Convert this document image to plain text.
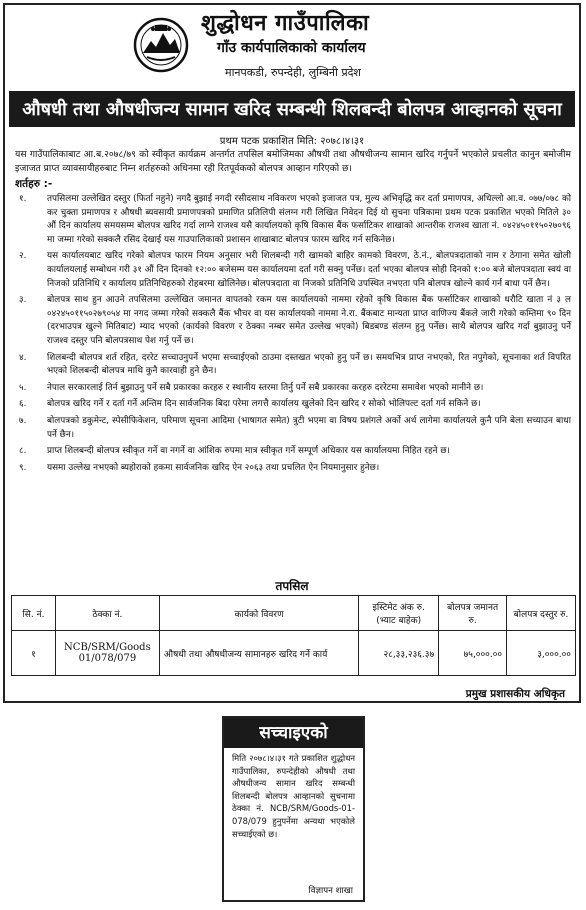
शुद्धोधन गाउँपालिका
गाँउ कार्यपालिकाको कार्यालय
मानपकडी, रुपन्देही, लुम्बिनी प्रदेश
औषधी तथा औषधीजन्य सामान खरिद सम्बन्धी शिलबन्दी बोलपत्र आव्हानको सूचना
प्रथम पटक प्रकाशित मिति: २०७८।४।३१
यस गाउँपालिकाबाट आ.ब.२०७८/७९ को स्वीकृत कार्यक्रम अन्तर्गत तपसिल बमोजिमका औषधी तथा औषधीजन्य सामान खरिद गर्नुपर्ने भएकोले प्रचलीत कानुन बमोजीम इजाजत प्राप्त व्यावसायीहरुबाट निम्न शर्तहरुको अधिनमा रही रितपूर्वकको बोलपत्र आव्हान गरिएको छ।
शर्तहरु :-
१.	तपसिलमा उल्लेखित दस्तुर (फिर्ता नहुने) नगदै बुझाई नगदी रसीदसाथ नविकरण भएको इजाजत पत्र, मुल्य अभिवृद्धि कर दर्ता प्रमाणपत्र, अधिल्लो आ.व. ०७७/०७८ को कर चुक्ता प्रमाणपत्र र औषधी ब्यवसायी प्रमाणपत्रको प्रमाणित प्रतिलिपी संलग्न गरी लिखित निवेदन दिई यो सुचना पत्रिकामा प्रथम पटक प्रकाशित भएको मितिले ३० औं दिन कार्यालय समयसम्म बोलपत्र खरिद गर्दा लाग्ने राजश्व यसै कार्यालयको कृषि विकास बैंक फर्साटिकर शाखाको आन्तरीक राजश्व खाता नं. ०४२४५०११५०२७०९६ मा जम्मा गरेको सक्कलै रसिद देखाई यस गाउपालिकाको प्रशासन शाखाबाट बोलपत्र फारम खरिद गर्न सकिनेछ।
२.	यस कार्यालयबाट खरिद गरेको बोलपत्र फारम नियम अनुसार भरी शिलबन्दी गरी खामको बाहिर कामको विवरण, ठे.नं., बोलपत्रदाताको नाम र ठेगाना समेत खोली कार्यालयलाई सम्बोधन गरी ३१ औं दिन दिनको १२:०० बजेसम्म यस कार्यालयमा दर्ता गरी सक्नु पर्नेछ। दर्ता भएका बोलपत्र सोही दिनको १:०० बजे बोलपत्रदाता स्वयं वा निजको प्रतिनिधि र कार्यालय प्रतिनिधिहरुको रोहबरमा खोलिनेछ। बोलपत्रदाता वा निजको प्रतिनिधि उपस्थित नभएता पनि बोलपत्र खोल्ने कार्य गर्न बाधा पर्ने छैन।
३.	बोलपत्र साथ हुन आउने तपसिलमा उल्लेखित जमानत वापतको रकम यस कार्यालयको नाममा रहेको कृषि विकास बैंक फर्साटिकर शाखाको धरौटि खाता नं ३ ल ०४२४५०११५०२७९०५४ मा नगद जम्मा गरेको सक्कलै बैंक भौचर वा यस कार्यालयको नाममा ने.रा. बैंकबाट मान्यता प्राप्त वाणिज्य बैंकले जारी गरेको कम्तिमा ९० दिन (दरभाउपत्र खुल्ने मितिबाट) म्याद भएको (कार्यको विवरण र ठेक्का नम्बर समेत उल्लेख भएको) बिडबण्ड संलग्न हुनु पर्नेछ। साथै बोलपत्र खरिद गर्दा बुझाउनु पर्ने राजश्व दस्तुर पनि बोलपत्रसाथ पेश गर्नु पर्ने छ।
४.	शिलबन्दी बोलपत्र शर्त रहित, दररेट सच्चाउनुपर्ने भएमा सच्चाईएको ठाउमा दस्तखत भएको हुनु पर्ने छ। समयभित्र प्राप्त नभएको, रित नपुगेको, सूचनाका शर्त विपरित भएको शिलबन्दी बोलपत्र माथि कुनै कारवाही हुने छैन।
५.	नेपाल सरकारलाई तिर्न बुझाउनु पर्ने सबै प्रकारका करहरु र स्थानीय स्तरमा तिर्नु पर्ने सबै प्रकारका करहरु दररेटमा समावेश भएको मानीने छ।
६.	बोलपत्र खरिद गर्ने र दर्ता गर्ने अन्तिम दिन सार्वजनिक बिदा परेमा लगत्तै कार्यालय खुलेको दिन खरिद र सोको भोलिपल्ट दर्ता गर्न सकिने छ।
७.	बोलपत्रको डकुमेन्ट, स्पेसीफिकेशन, परिमाण सूचना आदिमा (भाषागत समेत) त्रुटी भएमा वा विषय प्रशंगले अर्को अर्थ लागेमा कार्यालयले कुनै पनि बेला सच्याउन बाधा पर्ने छैन।
८.	प्राप्त शिलबन्दी बोलपत्र स्वीकृत गर्ने वा नगर्ने वा आंशिक रुपमा मात्र स्वीकृत गर्ने सम्पूर्ण अधिकार यस कार्यालयमा निहित रहने छ।
९.	यसमा उल्लेख नभएको ब्यहोराको हकमा सार्वजनिक खरिद ऐन २०६३ तथा प्रचलित ऐन नियमानुसार हुनेछ।
तपसिल
सि. नं.	ठेक्का नं.	कार्यको विवरण	इस्टिमेट अंक रु. (भ्याट बाहेक)	बोलपत्र जमानत रु.	बोलपत्र दस्तुर रु.
१	NCB/SRM/Goods 01/078/079	औषधी तथा औषधीजन्य सामानहरु खरिद गर्ने कार्य	२८,३३,२३६.३७	७५,०००.००	३,०००.००
प्रमुख प्रशासकीय अधिकृत
सच्चाइएको
मिति २०७८।४।३१ गते प्रकाशित शुद्धोधन गाउँपालिका, रुपन्देहीको औषधी तथा औषधीजन्य सामान खरिद सम्बन्धी शिलबन्दी बोलपत्र आव्हानको सुचनामा ठेक्का नं. NCB/SRM/Goods-01-078/079 हुनुपर्नेमा अन्यथा भएकोले सच्चाईएको छ।
विज्ञापन शाखा
